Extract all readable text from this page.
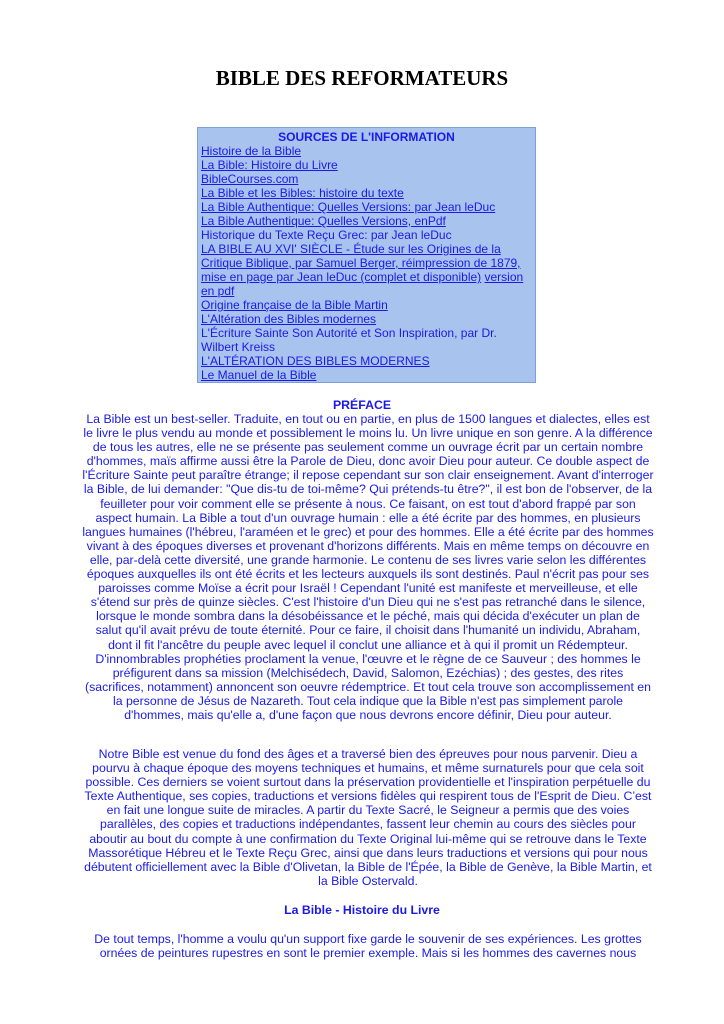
BIBLE DES REFORMATEURS
SOURCES DE L'INFORMATION
Histoire de la Bible
La Bible: Histoire du Livre
BibleCourses.com
La Bible et les Bibles: histoire du texte
La Bible Authentique: Quelles Versions: par Jean leDuc
La Bible Authentique: Quelles Versions, enPdf
Historique du Texte Reçu Grec: par Jean leDuc
LA BIBLE AU XVI' SIÈCLE - Étude sur les Origines de la Critique Biblique, par Samuel Berger, réimpression de 1879, mise en page par Jean leDuc (complet et disponible) version en pdf
Origine française de la Bible Martin
L'Altération des Bibles modernes
L'Écriture Sainte Son Autorité et Son Inspiration, par Dr. Wilbert Kreiss
L'ALTÉRATION DES BIBLES MODERNES
Le Manuel de la Bible
PRÉFACE

La Bible est un best-seller. Traduite, en tout ou en partie, en plus de 1500 langues et dialectes, elles est le livre le plus vendu au monde et possiblement le moins lu. Un livre unique en son genre. A la différence de tous les autres, elle ne se présente pas seulement comme un ouvrage écrit par un certain nombre d'hommes, maïs affirme aussi être la Parole de Dieu, donc avoir Dieu pour auteur. Ce double aspect de l'Écriture Sainte peut paraître étrange; il repose cependant sur son clair enseignement. Avant d'interroger la Bible, de lui demander: "Que dis-tu de toi-même? Qui prétends-tu être?", il est bon de l'observer, de la feuilleter pour voir comment elle se présente à nous. Ce faisant, on est tout d'abord frappé par son aspect humain. La Bible a tout d'un ouvrage humain : elle a été écrite par des hommes, en plusieurs langues humaines (l'hébreu, l'araméen et le grec) et pour des hommes. Elle a été écrite par des hommes vivant à des époques diverses et provenant d'horizons différents. Mais en même temps on découvre en elle, par-delà cette diversité, une grande harmonie. Le contenu de ses livres varie selon les différentes époques auxquelles ils ont été écrits et les lecteurs auxquels ils sont destinés. Paul n'écrit pas pour ses paroisses comme Moïse a écrit pour Israël ! Cependant l'unité est manifeste et merveilleuse, et elle s'étend sur près de quinze siècles. C'est l'histoire d'un Dieu qui ne s'est pas retranché dans le silence, lorsque le monde sombra dans la désobéissance et le péché, mais qui décida d'exécuter un plan de salut qu'il avait prévu de toute éternité. Pour ce faire, il choisit dans l'humanité un individu, Abraham, dont il fit l'ancêtre du peuple avec lequel il conclut une alliance et à qui il promit un Rédempteur. D'innombrables prophéties proclament la venue, l'œuvre et le règne de ce Sauveur ; des hommes le préfigurent dans sa mission (Melchisédech, David, Salomon, Ezéchias) ; des gestes, des rites (sacrifices, notamment) annoncent son oeuvre rédemptrice. Et tout cela trouve son accomplissement en la personne de Jésus de Nazareth. Tout cela indique que la Bible n'est pas simplement parole d'hommes, mais qu'elle a, d'une façon que nous devrons encore définir, Dieu pour auteur.

Notre Bible est venue du fond des âges et a traversé bien des épreuves pour nous parvenir. Dieu a pourvu à chaque époque des moyens techniques et humains, et même surnaturels pour que cela soit possible. Ces derniers se voient surtout dans la préservation providentielle et l'inspiration perpétuelle du Texte Authentique, ses copies, traductions et versions fidèles qui respirent tous de l'Esprit de Dieu. C’est en fait une longue suite de miracles. A partir du Texte Sacré, le Seigneur a permis que des voies parallèles, des copies et traductions indépendantes, fassent leur chemin au cours des siècles pour aboutir au bout du compte à une confirmation du Texte Original lui-même qui se retrouve dans le Texte Massorétique Hébreu et le Texte Reçu Grec, ainsi que dans leurs traductions et versions qui pour nous débutent officiellement avec la Bible d'Olivetan, la Bible de l'Épée, la Bible de Genève, la Bible Martin, et la Bible Ostervald.

La Bible - Histoire du Livre

De tout temps, l'homme a voulu qu'un support fixe garde le souvenir de ses expériences. Les grottes ornées de peintures rupestres en sont le premier exemple. Mais si les hommes des cavernes nous
